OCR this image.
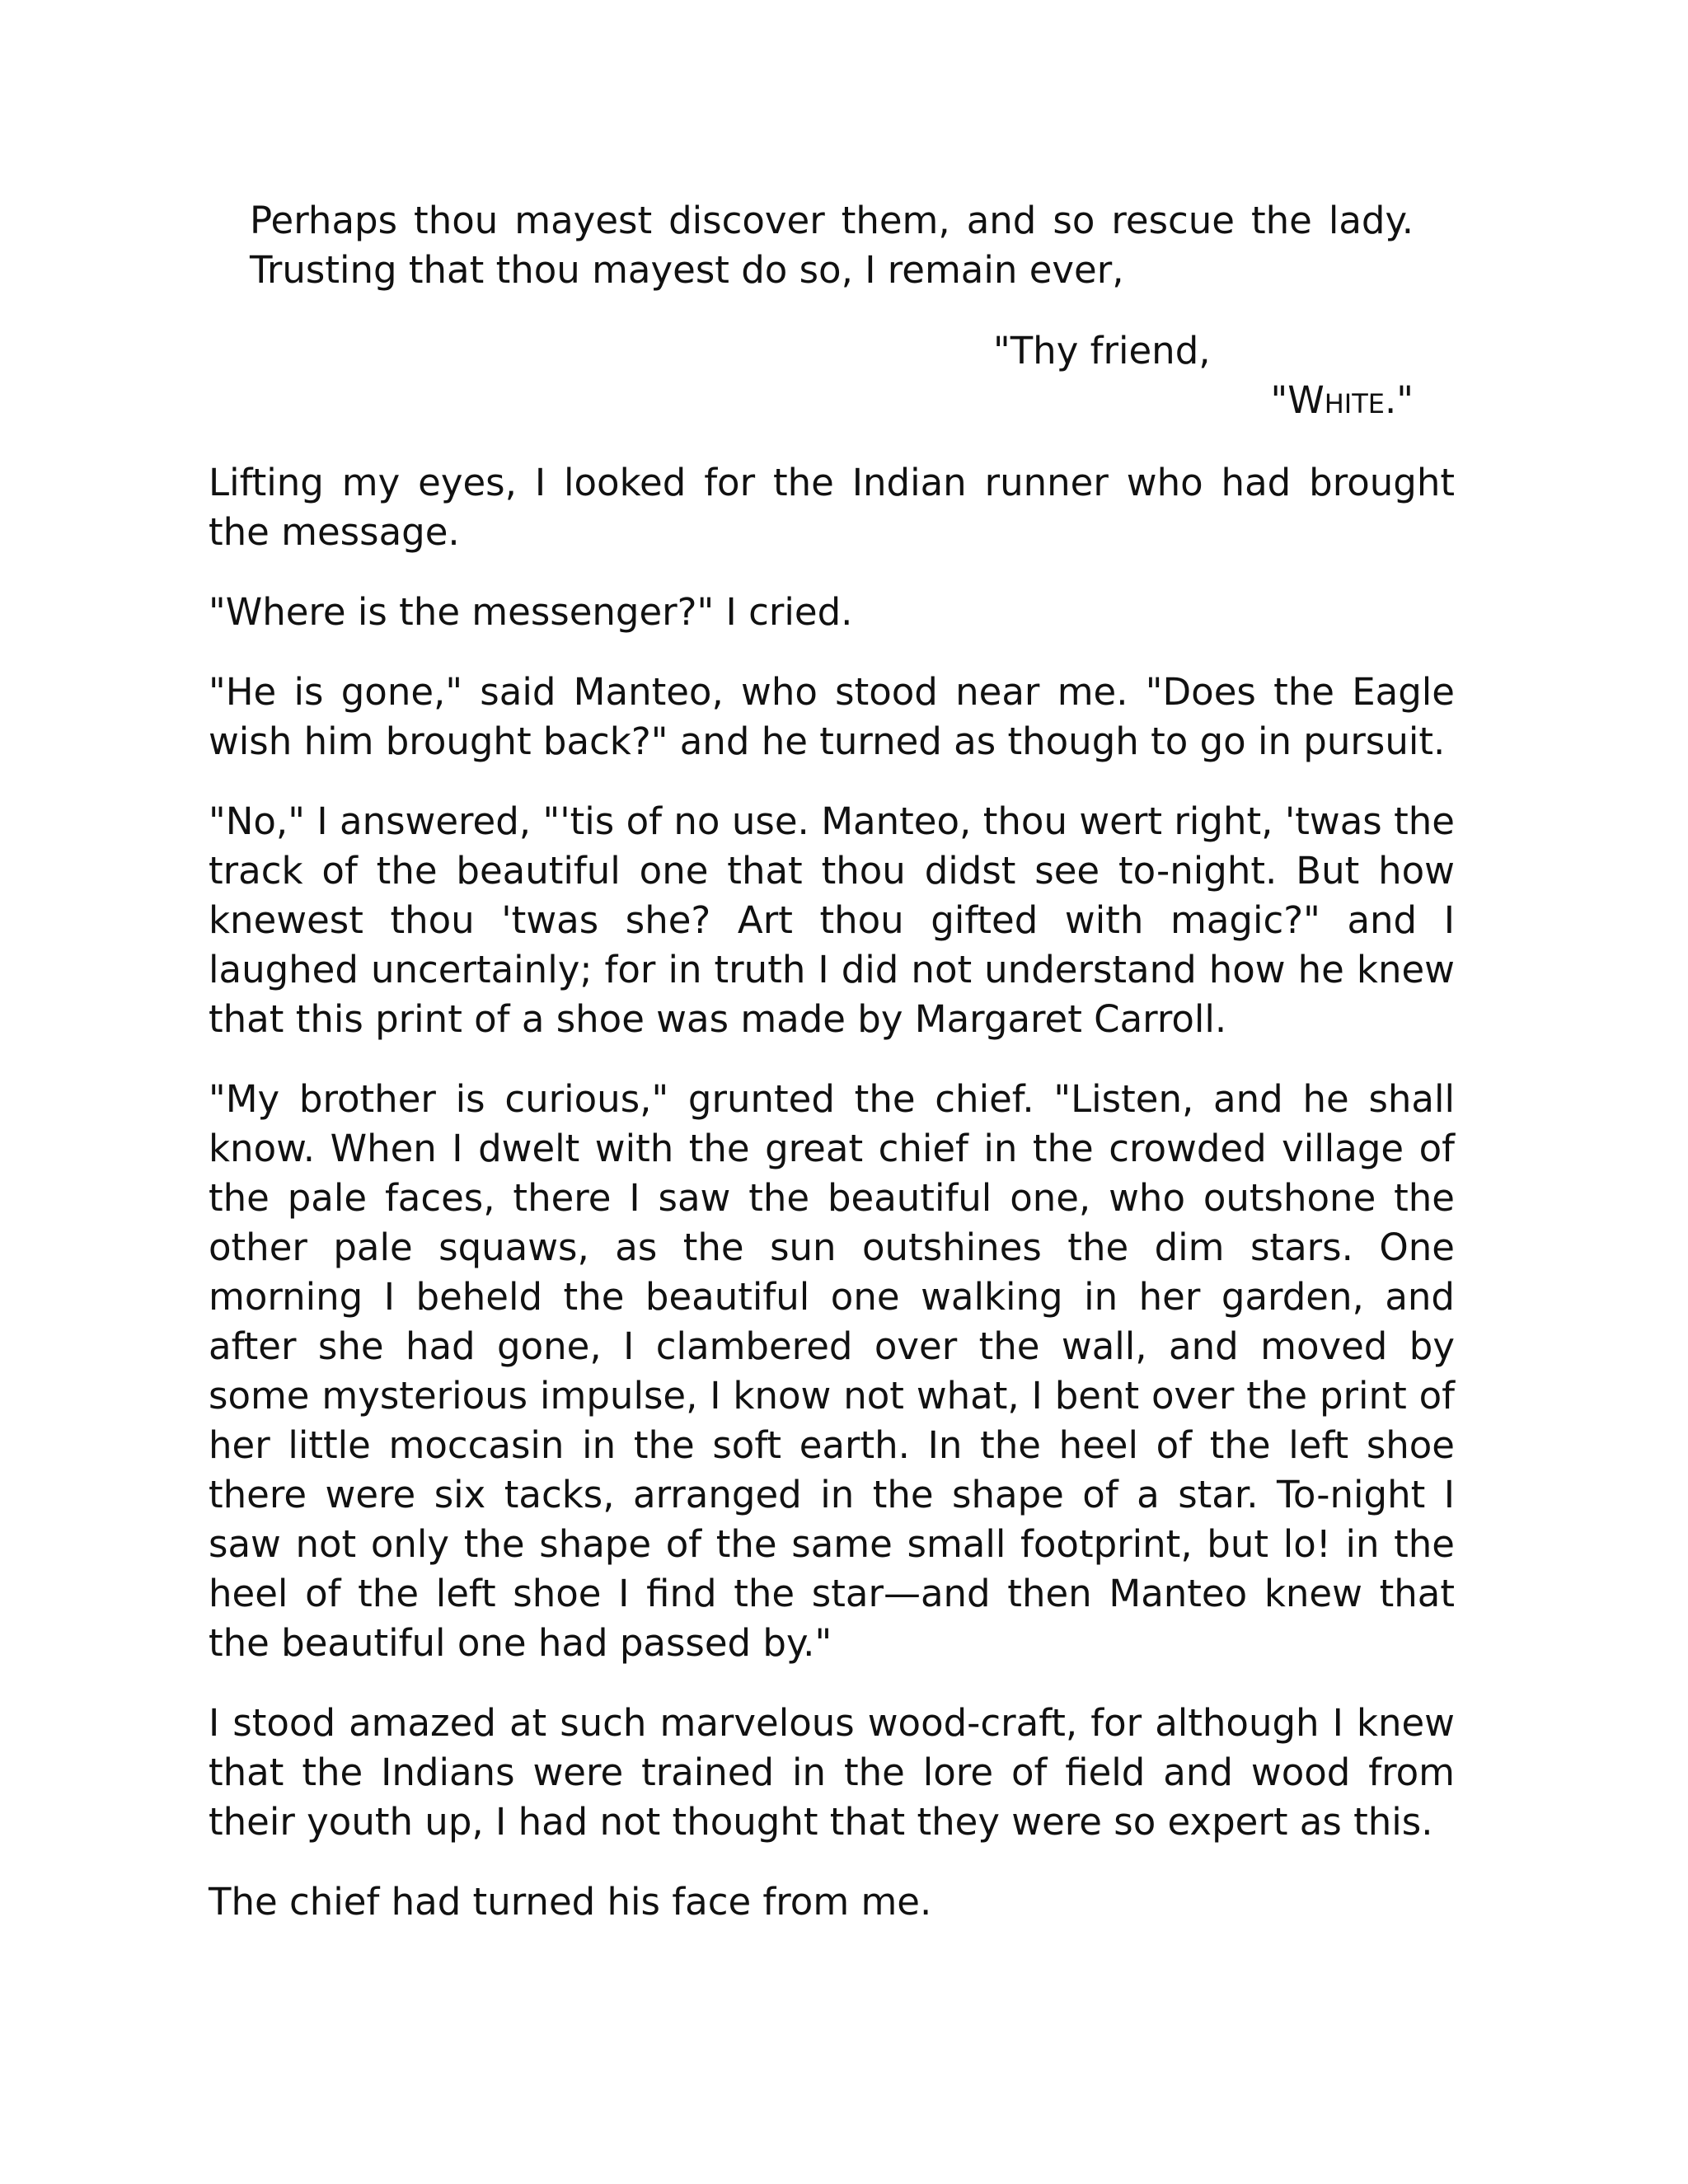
Perhaps thou mayest discover them, and so rescue the lady. Trusting that thou mayest do so, I remain ever,

"Thy friend,
"White."

Lifting my eyes, I looked for the Indian runner who had brought the message.

"Where is the messenger?" I cried.

"He is gone," said Manteo, who stood near me. "Does the Eagle wish him brought back?" and he turned as though to go in pursuit.

"No," I answered, "'tis of no use. Manteo, thou wert right, 'twas the track of the beautiful one that thou didst see to-night. But how knewest thou 'twas she? Art thou gifted with magic?" and I laughed uncertainly; for in truth I did not understand how he knew that this print of a shoe was made by Margaret Carroll.

"My brother is curious," grunted the chief. "Listen, and he shall know. When I dwelt with the great chief in the crowded village of the pale faces, there I saw the beautiful one, who outshone the other pale squaws, as the sun outshines the dim stars. One morning I beheld the beautiful one walking in her garden, and after she had gone, I clambered over the wall, and moved by some mysterious impulse, I know not what, I bent over the print of her little moccasin in the soft earth. In the heel of the left shoe there were six tacks, arranged in the shape of a star. To-night I saw not only the shape of the same small footprint, but lo! in the heel of the left shoe I find the star—and then Manteo knew that the beautiful one had passed by."

I stood amazed at such marvelous wood-craft, for although I knew that the Indians were trained in the lore of field and wood from their youth up, I had not thought that they were so expert as this.

The chief had turned his face from me.
